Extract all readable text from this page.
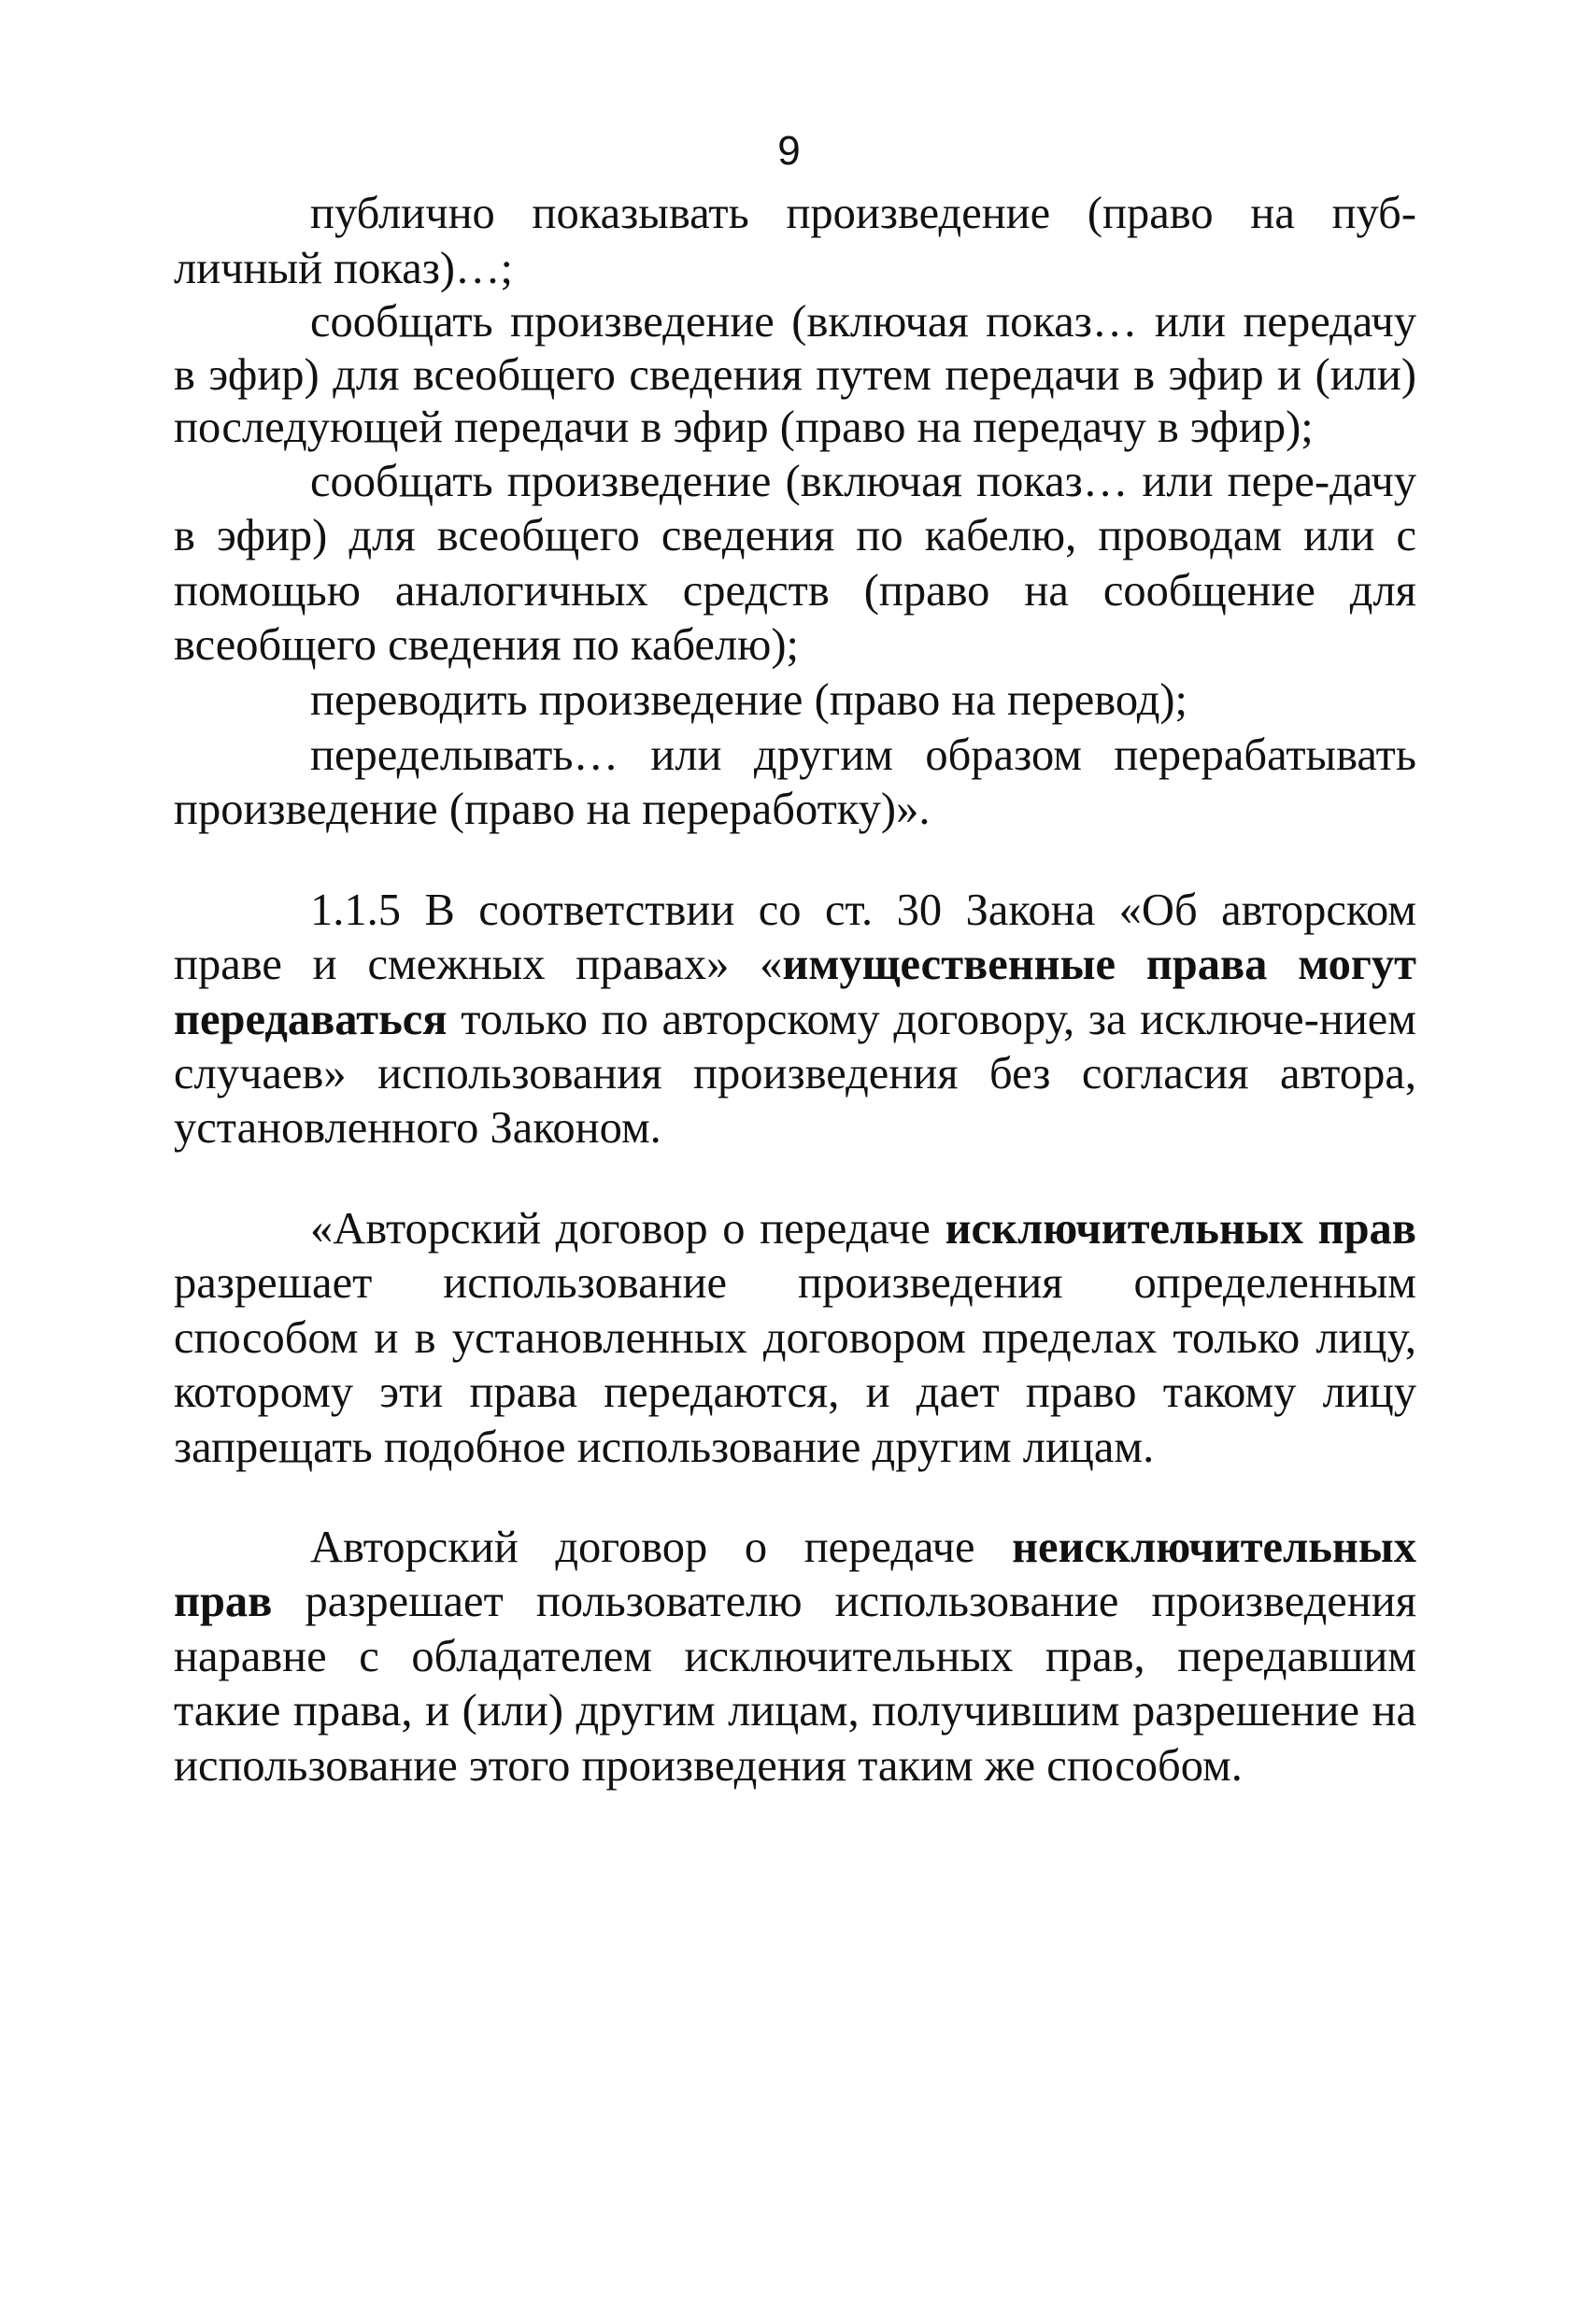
9

публично показывать произведение (право на пуб-личный показ)…;

сообщать произведение (включая показ… или передачу в эфир) для всеобщего сведения путем передачи в эфир и (или) последующей передачи в эфир (право на передачу в эфир);

сообщать произведение (включая показ… или пере-дачу в эфир) для всеобщего сведения по кабелю, проводам или с помощью аналогичных средств (право на сообщение для всеобщего сведения по кабелю);

переводить произведение (право на перевод);

переделывать… или другим образом перерабатывать произведение (право на переработку)».

1.1.5 В соответствии со ст. 30 Закона «Об авторском праве и смежных правах» «имущественные права могут передаваться только по авторскому договору, за исключе-нием случаев» использования произведения без согласия автора, установленного Законом.

«Авторский договор о передаче исключительных прав разрешает использование произведения определенным способом и в установленных договором пределах только лицу, которому эти права передаются, и дает право такому лицу запрещать подобное использование другим лицам.

Авторский договор о передаче неисключительных прав разрешает пользователю использование произведения наравне с обладателем исключительных прав, передавшим такие права, и (или) другим лицам, получившим разрешение на использование этого произведения таким же способом.
